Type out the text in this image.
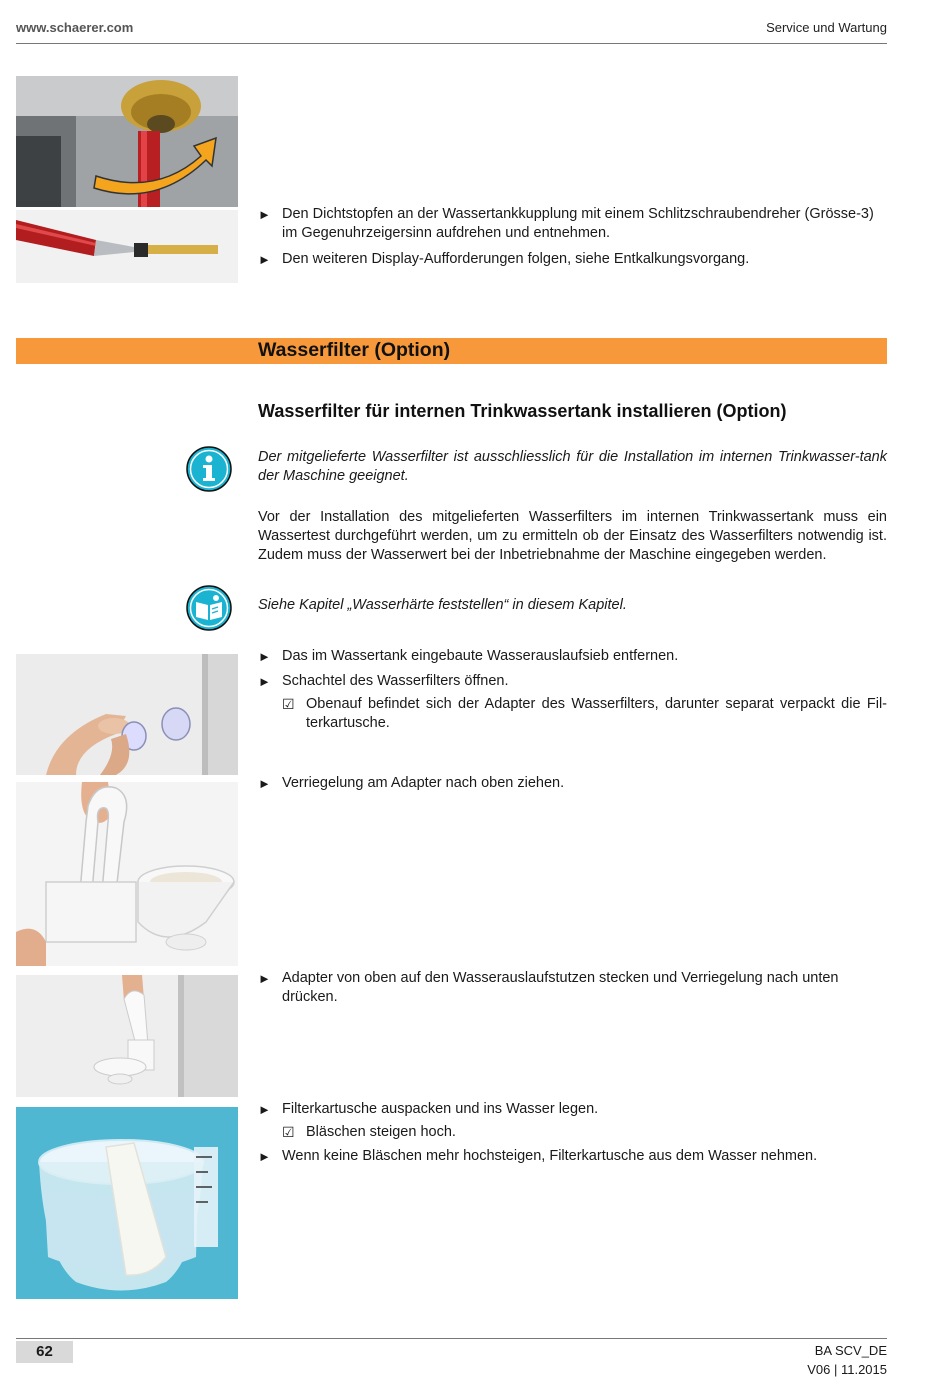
www.schaerer.com	Service und Wartung
► Den Dichtstopfen an der Wassertankkupplung mit einem Schlitzschraubendreher (Grösse-3) im Gegenuhrzeigersinn aufdrehen und entnehmen.
► Den weiteren Display-Aufforderungen folgen, siehe Entkalkungsvorgang.
Wasserfilter (Option)
Wasserfilter für internen Trinkwassertank installieren (Option)
Der mitgelieferte Wasserfilter ist ausschliesslich für die Installation im internen Trinkwasser-tank der Maschine geeignet.
Vor der Installation des mitgelieferten Wasserfilters im internen Trinkwassertank muss ein Wassertest durchgeführt werden, um zu ermitteln ob der Einsatz des Wasserfilters notwendig ist. Zudem muss der Wasserwert bei der Inbetriebnahme der Maschine eingegeben werden.
Siehe Kapitel „Wasserhärte feststellen“ in diesem Kapitel.
► Das im Wassertank eingebaute Wasserauslaufsieb entfernen.
► Schachtel des Wasserfilters öffnen.
☑ Obenauf befindet sich der Adapter des Wasserfilters, darunter separat verpackt die Fil-terkartusche.
► Verriegelung am Adapter nach oben ziehen.
► Adapter von oben auf den Wasserauslaufstutzen stecken und Verriegelung nach unten drücken.
► Filterkartusche auspacken und ins Wasser legen.
☑ Bläschen steigen hoch.
► Wenn keine Bläschen mehr hochsteigen, Filterkartusche aus dem Wasser nehmen.
62	BA SCV_DE
V06 | 11.2015
